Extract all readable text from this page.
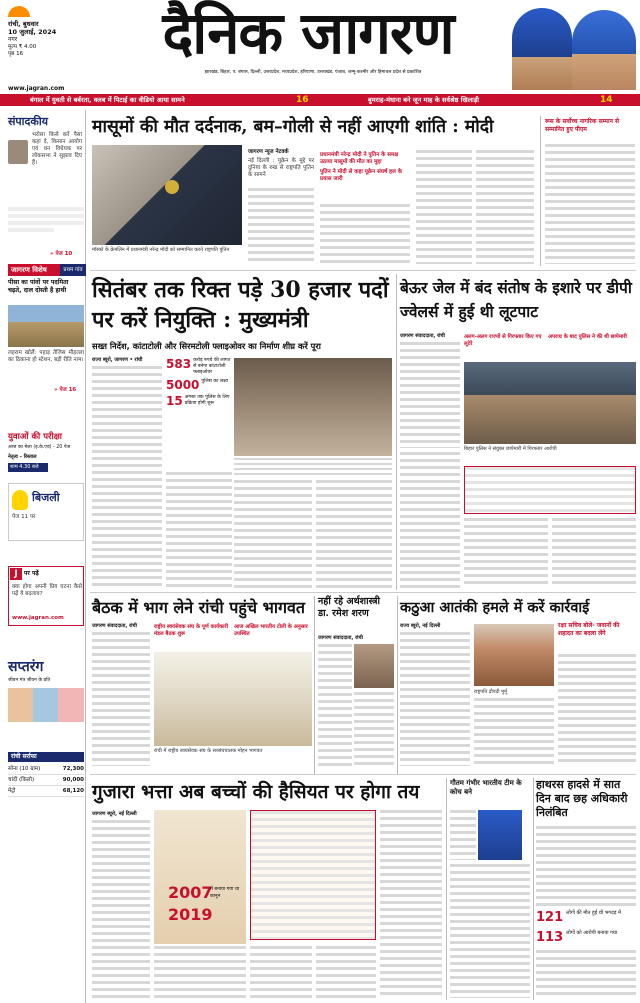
रांची, बुधवार
10 जुलाई, 2024
नगर
मूल्य ₹ 4.00
पृष्ठ 16	दैनिक जागरण
झारखंड, बिहार, प. बंगाल, दिल्ली, उत्तरप्रदेश, मध्यप्रदेश, हरियाणा, उत्तराखंड, पंजाब, जम्मू-कश्मीर और हिमाचल प्रदेश से प्रकाशित
www.jagran.com
बंगाल में युवती से बर्बरता, क्लब में पिटाई का वीडियो आया सामने	16	बुमराह-मंधाना बने जून माह के सर्वश्रेष्ठ खिलाड़ी	14
संपादकीय
भरोसा किसे करें पैसा कहां दे, किसान आयोग एवं धन विधेयक पर लोकसभा ने सुझाव दिए हैं।
» पेज 10
जागरण विशेष	प्रथम गांव
पीसा का पांवों पर पदमिता चढ़ते, दाल दोस्ती है हाथी
लहराम खोलैं: पहाड़ तेजिस मौहल्ला का ठिकाना हो स्टेशन, बड़ी रीति नाम।
» पेज 16
युवाओं की परीक्षा
आज का मेला (इ.के.एवं) - 20 पेज
नेतृत्व – रिस्ताल
शाम 4.30 बजे
बिजली
पेज 11 पर
J	पर पढ़ें
क्या होगा अपनी प्रिय घटना कैसे पढ़ें ये बदलाव?
www.jagran.com
सप्तरंग
जीवन मंत्र जीवन के प्रति
रांची सर्राफा
सोना (10 ग्राम)	72,300
चांदी (किलो)	90,000
मेट्रो	68,120
मासूमों की मौत दर्दनाक, बम–गोली से नहीं आएगी शांति : मोदी
मॉस्को के क्रेमलिन में प्रधानमंत्री नरेन्द्र मोदी को सम्मानित करते राष्ट्रपति पुतिन
जागरण न्यूज नेटवर्क
नई दिल्ली : यूक्रेन के मुद्दे पर दुनिया के रुख से राष्ट्रपति पुतिन के सामने
प्रधानमंत्री नरेन्द्र मोदी ने पुतिन के समक्ष उठाया मासूमों की मौत का मुद्दा
पुतिन ने मोदी से कहा यूक्रेन संघर्ष हल के प्रयास जारी
रूस के सर्वोच्च नागरिक सम्मान से सम्मानित हुए पीएम
सितंबर तक रिक्त पड़े 30 हजार पदों पर करें नियुक्ति : मुख्यमंत्री
सख्त निर्देश, कांटाटोली और सिरमटोली फ्लाइओवर का निर्माण शीघ्र करें पूरा
राज्य ब्यूरो, जागरण • रांची	583 करोड़ रुपये की लागत से बनेगा कांटाटोली फ्लाइओवर
5000 पुलिस का लक्ष्य
15 अगस्त तक पुलिस के लिए प्रक्रिया होगी शुरू
बेऊर जेल में बंद संतोष के इशारे पर डीपी ज्वेलर्स में हुई थी लूटपाट
जागरण संवाददाता, रांची	अलग-अलग राज्यों से गिरफ्तार किए गए लूटेरे
अपराध के बाद पुलिस ने की थी छापेमारी
बिहार पुलिस ने संयुक्त छापेमारी में गिरफ्तार आरोपी
बैठक में भाग लेने रांची पहुंचे भागवत
जागरण संवाददाता, रांची	राष्ट्रीय स्वयंसेवक संघ के पूर्ण कार्यकारी मंडल बैठक शुरू
आज अखिल भारतीय टोली के अनुसार उपस्थित
रांची में राष्ट्रीय स्वयंसेवक संघ के सरसंघचालक मोहन भागवत
नहीं रहे अर्थशास्त्री डा. रमेश शरण
जागरण संवाददाता, रांची
कठुआ आतंकी हमले में करें कार्रवाई
राज्य ब्यूरो, नई दिल्ली
राष्ट्रपति द्रौपदी मुर्मू
रक्षा सचिव बोले- जवानों की शहादत का बदला लेंगे
गुजारा भत्ता अब बच्चों की हैसियत पर होगा तय
जागरण ब्यूरो, नई दिल्ली
2007
में बनाया गया था कानून
2019
गौतम गंभीर भारतीय टीम के कोच बने
हाथरस हादसे में सात दिन बाद छह अधिकारी निलंबित
121 लोगों की मौत हुई थी भगदड़ में
113 लोगों को आरोपी बनाया गया
